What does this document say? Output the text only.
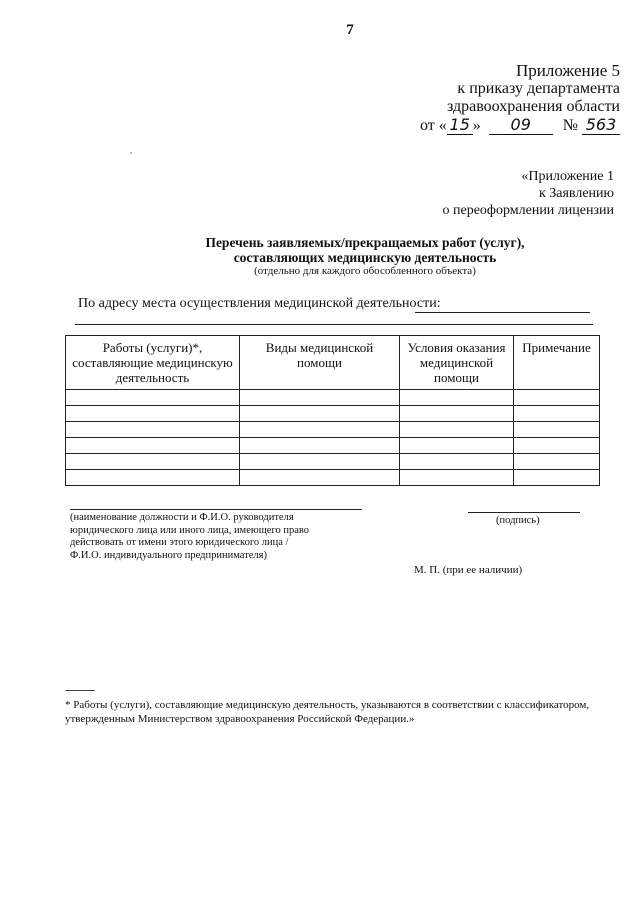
7
Приложение 5
к приказу департамента
здравоохранения области
от « 15 » 09 № 563
«Приложение 1
к Заявлению
о переоформлении лицензии
Перечень заявляемых/прекращаемых работ (услуг),
составляющих медицинскую деятельность
(отдельно для каждого обособленного объекта)
По адресу места осуществления медицинской деятельности:
Работы (услуги)*, составляющие медицинскую деятельность	Виды медицинской помощи	Условия оказания медицинской помощи	Примечание

(наименование должности и Ф.И.О. руководителя
юридического лица или иного лица, имеющего право
действовать от имени этого юридического лица /
Ф.И.О. индивидуального предпринимателя)
(подпись)
М. П. (при ее наличии)
-----------
* Работы (услуги), составляющие медицинскую деятельность, указываются в соответствии с классификатором, утвержденным Министерством здравоохранения Российской Федерации.»
